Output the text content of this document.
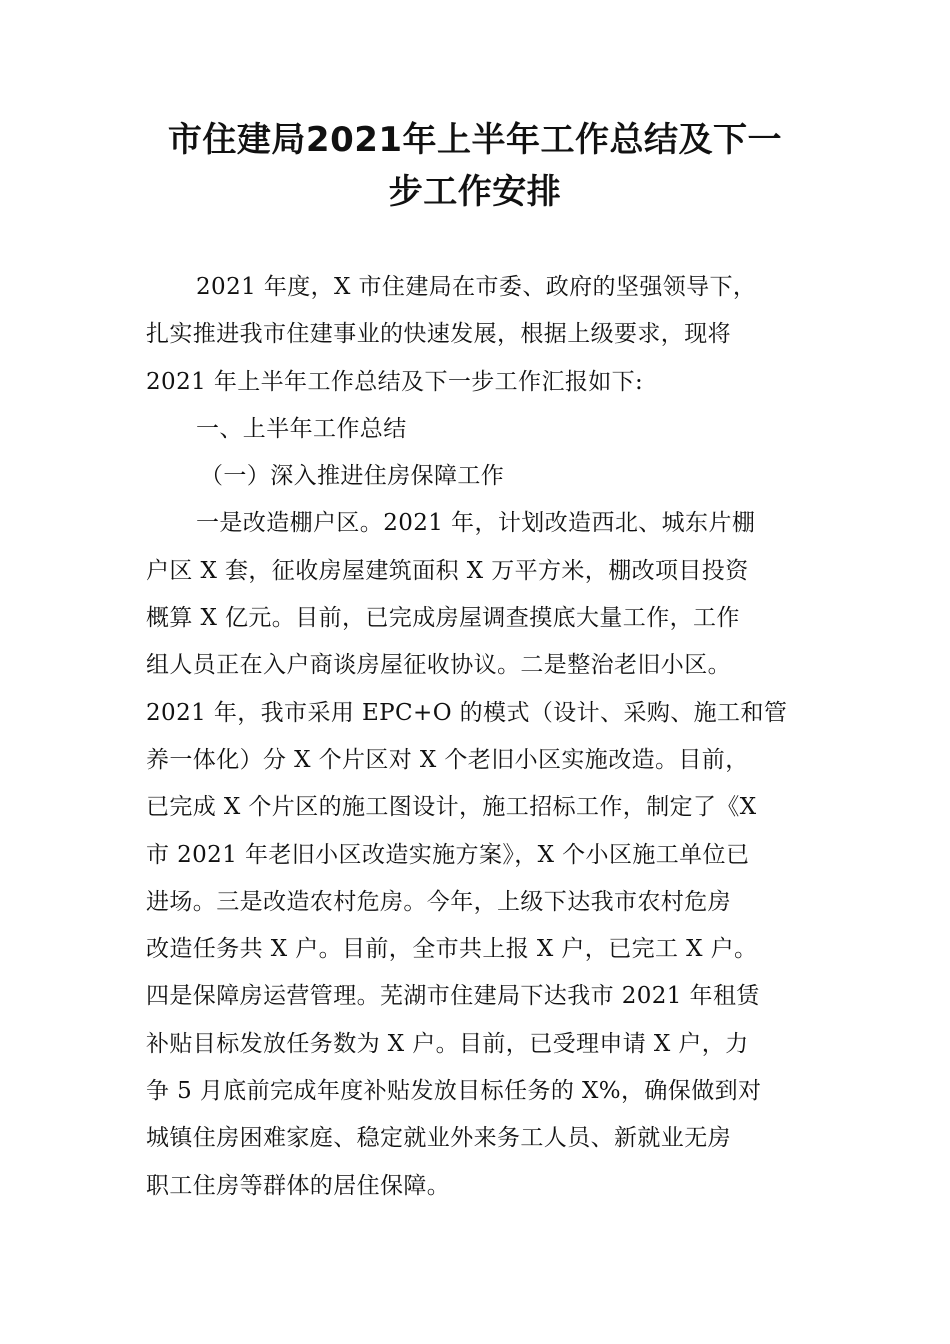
市住建局2021年上半年工作总结及下一
步工作安排
2021 年度，X 市住建局在市委、政府的坚强领导下，
扎实推进我市住建事业的快速发展，根据上级要求，现将
2021 年上半年工作总结及下一步工作汇报如下:
一、上半年工作总结
（一）深入推进住房保障工作
一是改造棚户区。2021 年，计划改造西北、城东片棚
户区 X 套，征收房屋建筑面积 X 万平方米，棚改项目投资
概算 X 亿元。目前，已完成房屋调查摸底大量工作，工作
组人员正在入户商谈房屋征收协议。二是整治老旧小区。
2021 年，我市采用 EPC+O 的模式（设计、采购、施工和管
养一体化）分 X 个片区对 X 个老旧小区实施改造。目前，
已完成 X 个片区的施工图设计，施工招标工作，制定了《X
市 2021 年老旧小区改造实施方案》，X 个小区施工单位已
进场。三是改造农村危房。今年，上级下达我市农村危房
改造任务共 X 户。目前，全市共上报 X 户，已完工 X 户。
四是保障房运营管理。芜湖市住建局下达我市 2021 年租赁
补贴目标发放任务数为 X 户。目前，已受理申请 X 户，力
争 5 月底前完成年度补贴发放目标任务的 X%，确保做到对
城镇住房困难家庭、稳定就业外来务工人员、新就业无房
职工住房等群体的居住保障。
